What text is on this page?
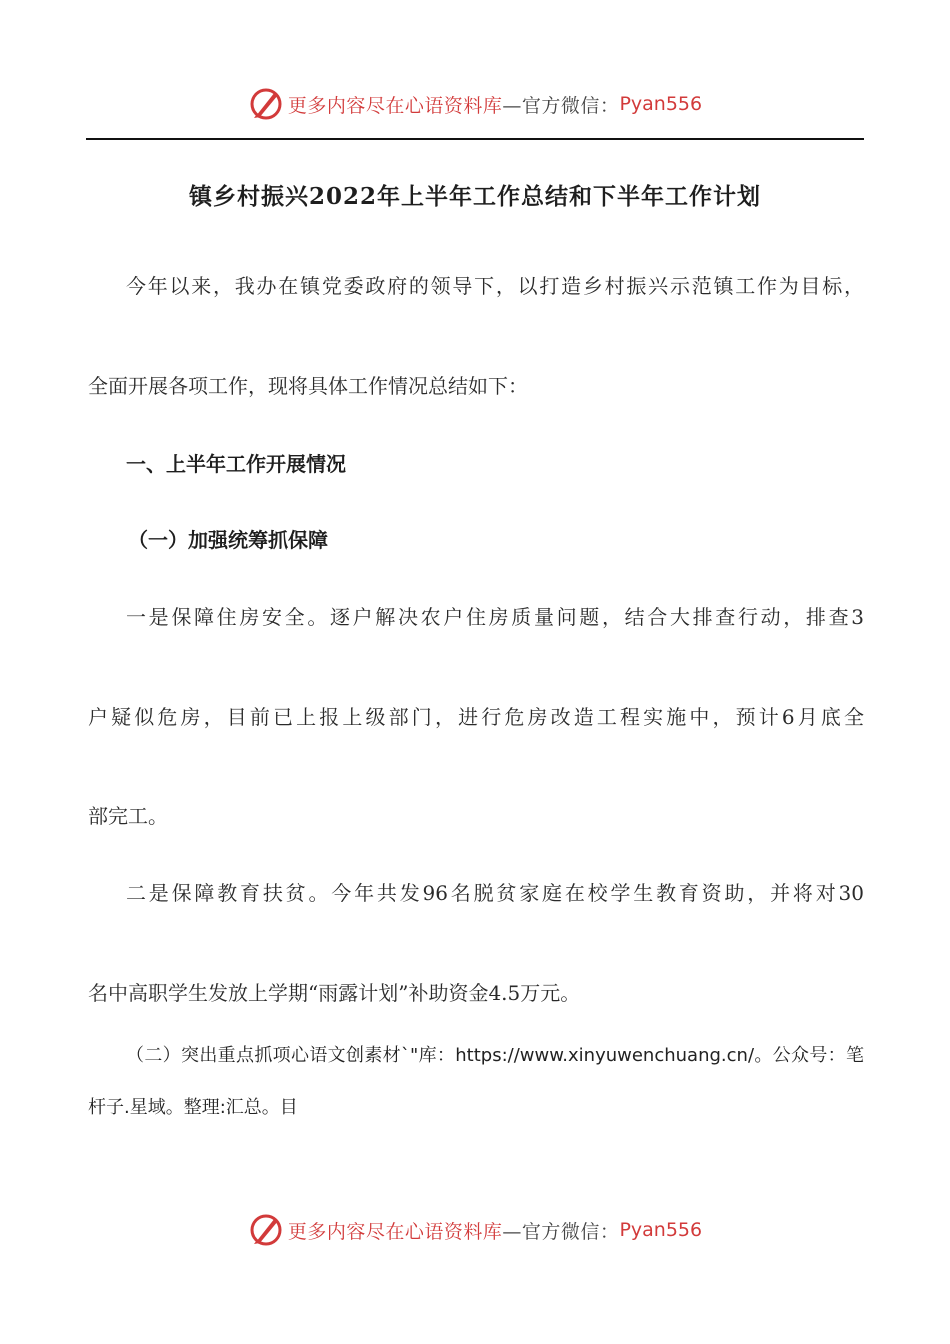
更多内容尽在心语资料库 —官方微信： Pyan556
镇乡村振兴2022年上半年工作总结和下半年工作计划
今年以来，我办在镇党委政府的领导下，以打造乡村振兴示范镇工作为目标，
全面开展各项工作，现将具体工作情况总结如下：
一、上半年工作开展情况
（一）加强统筹抓保障
一是保障住房安全。逐户解决农户住房质量问题，结合大排查行动，排查3
户疑似危房，目前已上报上级部门，进行危房改造工程实施中，预计6月底全
部完工。
二是保障教育扶贫。今年共发96名脱贫家庭在校学生教育资助，并将对30
名中高职学生发放上学期“雨露计划”补助资金4.5万元。
（二）突出重点抓项心语文创素材`"库：https://www.xinyuwenchuang.cn/。公众号：笔
杆子.星域。整理:汇总。目
更多内容尽在心语资料库 —官方微信： Pyan556
